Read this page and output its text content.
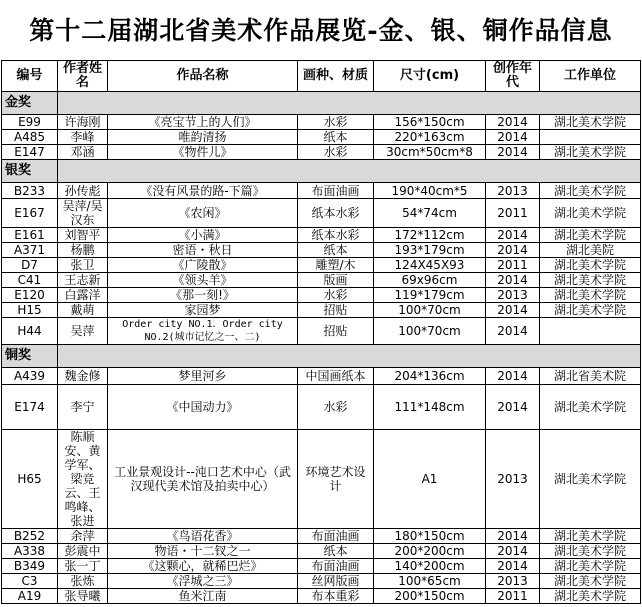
第十二届湖北省美术作品展览-金、银、铜作品信息
编号	作者姓名	作品名称	画种、材质	尺寸(cm)	创作年代	工作单位
金奖						
E99	许海刚	《亮宝节上的人们》	水彩	156*150cm	2014	湖北美术学院
A485	李峰	唯韵清扬	纸本	220*163cm	2014	
E147	邓涵	《物件儿》	水彩	30cm*50cm*8	2014	湖北美术学院
银奖						
B233	孙传彪	《没有风景的路-下篇》	布面油画	190*40cm*5	2013	湖北美术学院
E167	吴萍/吴汉东	《农闲》	纸本水彩	54*74cm	2011	湖北美术学院
E161	刘智平	《小满》	纸本水彩	172*112cm	2014	湖北美术学院
A371	杨鹏	密语・秋日	纸本	193*179cm	2014	湖北美院
D7	张卫	《广陵散》	雕塑/木	124X45X93	2011	湖北美术学院
C41	王志新	《领头羊》	版画	69x96cm	2014	湖北美术学院
E120	白露洋	《那一刻!》	水彩	119*179cm	2013	湖北美术学院
H15	戴萌	家园梦	招贴	100*70cm	2014	湖北美术学院
H44	吴萍	Order city NO.1．Order city NO.2(城市记忆之一、二)	招贴	100*70cm	2014	
铜奖						
A439	魏金修	梦里河乡	中国画纸本	204*136cm	2014	湖北省美术院
E174	李宁	《中国动力》	水彩	111*148cm	2014	湖北美术学院
H65	陈顺安、黄学军、梁竞云、王鸣峰、张进	工业景观设计--沌口艺术中心（武汉现代美术馆及拍卖中心）	环境艺术设计	A1	2013	湖北美术学院
B252	余萍	《鸟语花香》	布面油画	180*150cm	2014	湖北美术学院
A338	彭震中	物语・十二钗之一	纸本	200*200cm	2014	湖北美术学院
B349	张一丁	《这颗心，就稀巴烂》	布面油画	140*200cm	2014	湖北美术学院
C3	张炼	《浮城之三》	丝网版画	100*65cm	2013	湖北美术学院
A19	张导曦	鱼米江南	布本重彩	200*150cm	2011	湖北美术学院
